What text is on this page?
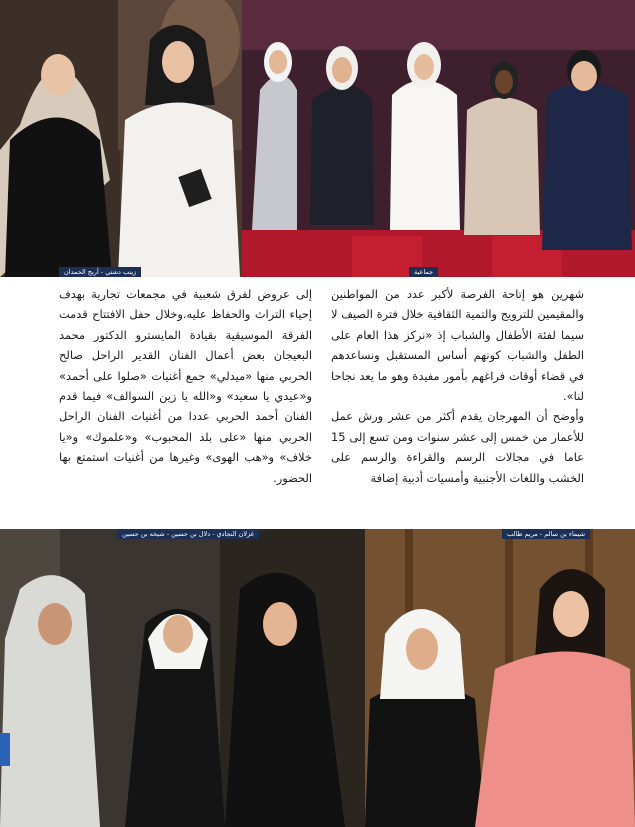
زينب دشتي - أريج الحمدان	جماعية

شهرين هو إتاحة الفرصة لأكبر عدد من المواطنين والمقيمين للترويج والتمية الثقافية خلال فترة الصيف لا سيما لفئة الأطفال والشباب إذ «نركز هذا العام على الطفل والشباب كونهم أساس المستقبل ونساعدهم في قضاء أوقات فراغهم بأمور مفيدة وهو ما يعد نجاحا لنا».

وأوضح أن المهرجان يقدم أكثر من عشر ورش عمل للأعمار من خمس إلى عشر سنوات ومن تسع إلى 15 عاما في مجالات الرسم والقراءة والرسم على الخشب واللغات الأجنبية وأمسيات أدبية إضافة

إلى عروض لفرق شعبية في مجمعات تجارية بهدف إحياء التراث والحفاظ عليه.وخلال حفل الافتتاح قدمت الفرقة الموسيقية بقيادة المايسترو الدكتور محمد البعيجان بعض أعمال الفنان القدير الراحل صالح الحربي منها «ميدلي» جمع أغنيات «صلوا على أحمد» و«عيدي يا سعيد» و«الله يا زين السوالف» فيما قدم الفنان أحمد الحربي عددا من أغنيات الفنان الراحل الحربي منها «على بلد المحبوب» و«علموك» و«يا خلاف» و«هب الهوى» وغيرها من أغنيات استمتع بها الحضور.

غزلان النجادي - دلال بن حسين - شيخه بن حسين	شيماء بن سالم - مريم طالب
